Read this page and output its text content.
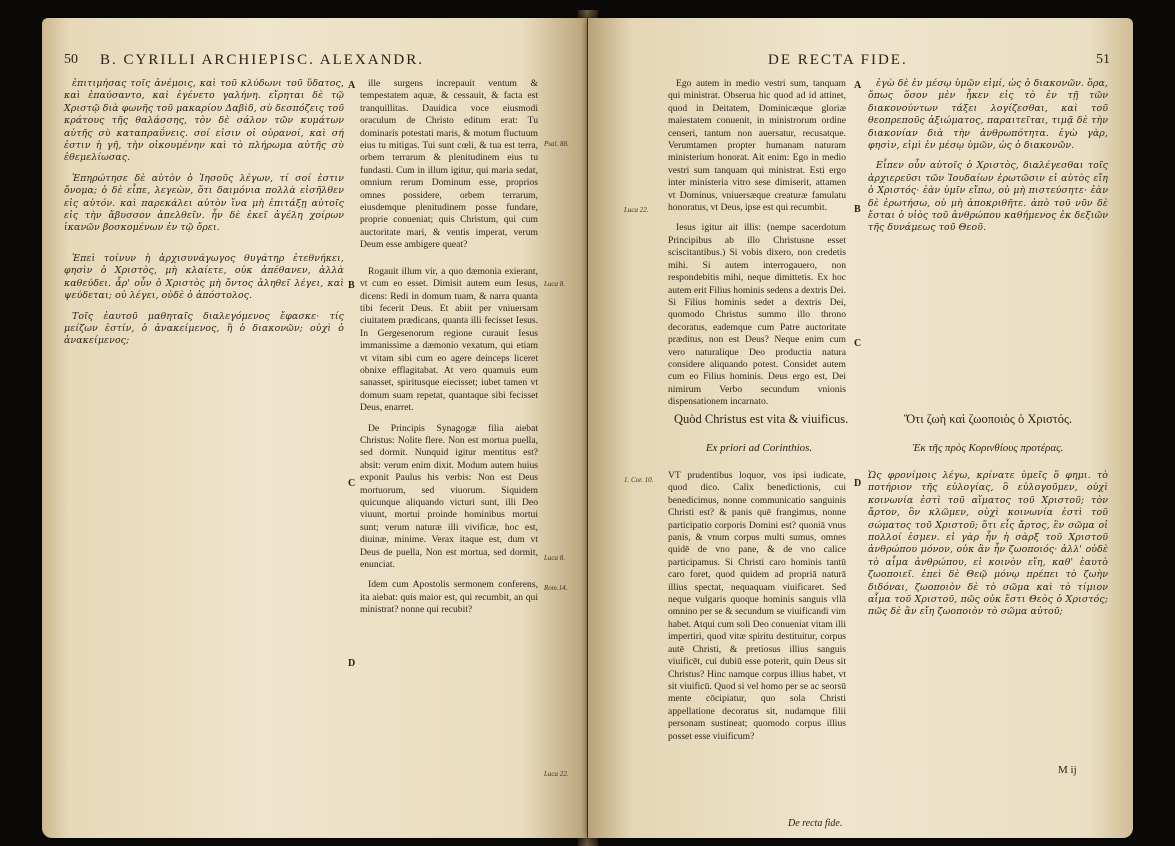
50 B. CYRILLI ARCHIEPISC. ALEXANDR.

ἐπιτιμήσας τοῖς ἀνέμοις, καὶ τοῦ κλύδωνι τοῦ ὕδατος, καὶ ἐπαύσαντο, καὶ ἐγένετο γαλήνη. εἴρηται δὲ τῷ Χριστῷ διὰ φωνῆς τοῦ μακαρίου Δαβὶδ, σὺ δεσπόζεις τοῦ κράτους τῆς θαλάσσης, τὸν δὲ σάλον τῶν κυμάτων αὐτῆς σὺ καταπραΰνεις. σοί εἰσιν οἱ οὐρανοί, καὶ σή ἐστιν ἡ γῆ, τὴν οἰκουμένην καὶ τὸ πλήρωμα αὐτῆς σὺ ἐθεμελίωσας.

Ἐπηρώτησε δὲ αὐτὸν ὁ Ἰησοῦς λέγων, τί σοί ἐστιν ὄνομα; ὁ δὲ εἶπε, λεγεὼν, ὅτι δαιμόνια πολλὰ εἰσῆλθεν εἰς αὐτόν. καὶ παρεκάλει αὐτὸν ἵνα μὴ ἐπιτάξῃ αὐτοῖς εἰς τὴν ἄβυσσον ἀπελθεῖν. ἦν δὲ ἐκεῖ ἀγέλη χοίρων ἱκανῶν βοσκομένων ἐν τῷ ὄρει.

Ἐπεὶ τοίνυν ἡ ἀρχισυνάγωγος θυγάτηρ ἐτεθνήκει, φησὶν ὁ Χριστὸς, μὴ κλαίετε, οὐκ ἀπέθανεν, ἀλλὰ καθεύδει. ἆρ' οὖν ὁ Χριστὸς μὴ ὄντος ἀληθεῖ λέγει, καὶ ψεύδεται; οὐ λέγει, οὐδὲ ὁ ἀπόστολος.

Τοῖς ἑαυτοῦ μαθηταῖς διαλεγόμενος ἔφασκε· τίς μείζων ἐστίν, ὁ ἀνακείμενος, ἢ ὁ διακονῶν; οὐχὶ ὁ ἀνακείμενος;

A
B
C
D

ille surgens increpauit ventum & tempestatem aquæ, & cessauit, & facta est tranquillitas. Dauidica voce eiusmodi oraculum de Christo editum erat: Tu dominaris potestati maris, & motum fluctuum eius tu mitigas. Tui sunt cœli, & tua est terra, orbem terrarum & plenitudinem eius tu fundasti. Cum in illum igitur, qui maria sedat, omnium rerum Dominum esse, proprios omnes possidere, orbem terrarum, eiusdemque plenitudinem posse fundare, proprie conueniat; quis Christum, qui cum auctoritate mari, & ventis imperat, verum Deum esse ambigere queat?

Rogauit illum vir, a quo dæmonia exierant, vt cum eo esset. Dimisit autem eum Iesus, dicens: Redi in domum tuam, & narra quanta tibi fecerit Deus. Et abiit per vniuersam ciuitatem prædicans, quanta illi fecisset Iesus. In Gergesenorum regione curauit Iesus immanissime a dæmonio vexatum, qui etiam vt vitam sibi cum eo agere deinceps liceret obnixe efflagitabat. At vero quamuis eum sanasset, spiritusque eiecisset; iubet tamen vt domum suam repetat, quantaque sibi fecisset Deus, enarret.

De Principis Synagogæ filia aiebat Christus: Nolite flere. Non est mortua puella, sed dormit. Nunquid igitur mentitus est? absit: verum enim dixit. Modum autem huius exponit Paulus his verbis: Non est Deus mortuorum, sed viuorum. Siquidem quicunque aliquando victuri sunt, illi Deo viuunt, mortui proinde hominibus mortui sunt; verum naturæ illi vivificæ, hoc est, diuinæ, minime. Verax itaque est, dum vt Deus de puella, Non est mortua, sed dormit, enunciat.

Idem cum Apostolis sermonem conferens, ita aiebat: quis maior est, qui recumbit, an qui ministrat? nonne qui recubit?

Psal. 88.
Luca 8.
Luca 8.
Rom.14.
Luca 22.
DE RECTA FIDE.	51

Ego autem in medio vestri sum, tanquam qui ministrat. Obserua hic quod ad id attinet, quod in Deitatem, Dominicæque gloriæ maiestatem conuenit, in ministrorum ordine censeri, tantum non auersatur, recusatque. Verumtamen propter humanam naturam ministerium honorat. Ait enim: Ego in medio vestri sum tanquam qui ministrat. Esti ergo inter ministeria vitro sese dimiserit, attamen vt Dominus, vniuersæque creaturæ famulatu honoratus, vt Deus, ipse est qui recumbit.

Iesus igitur ait illis: (nempe sacerdotum Principibus ab illo Christusne esset sciscitantibus.) Si vobis dixero, non credetis mihi. Si autem interrogauero, non respondebitis mihi, neque dimittetis. Ex hoc autem erit Filius hominis sedens a dextris Dei. Si Filius hominis sedet a dextris Dei, quomodo Christus summo illo throno decoratus, eademque cum Patre auctoritate præditus, non est Deus? Neque enim cum vero naturalique Deo productia natura considere aliquando potest. Considet autem cum eo Filius hominis. Deus ergo est, Dei nimirum Verbo secundum vnionis dispensationem incarnato.

A
B
C
D

ἐγὼ δὲ ἐν μέσῳ ὑμῶν εἰμί, ὡς ὁ διακονῶν. ὅρα, ὅπως ὅσον μὲν ἧκεν εἰς τὸ ἐν τῇ τῶν διακονούντων τάξει λογίζεσθαι, καὶ τοῦ θεοπρεποῦς ἀξιώματος, παραιτεῖται, τιμᾷ δὲ τὴν διακονίαν διὰ τὴν ἀνθρωπότητα. ἐγὼ γὰρ, φησὶν, εἰμὶ ἐν μέσῳ ὑμῶν, ὡς ὁ διακονῶν.

Εἶπεν οὖν αὐτοῖς ὁ Χριστὸς, διαλέγεσθαι τοῖς ἀρχιερεῦσι τῶν Ἰουδαίων ἐρωτῶσιν εἰ αὐτὸς εἴη ὁ Χριστός· ἐὰν ὑμῖν εἴπω, οὐ μὴ πιστεύσητε· ἐὰν δὲ ἐρωτήσω, οὐ μὴ ἀποκριθῆτε. ἀπὸ τοῦ νῦν δὲ ἔσται ὁ υἱὸς τοῦ ἀνθρώπου καθήμενος ἐκ δεξιῶν τῆς δυνάμεως τοῦ Θεοῦ.

Luca 22.
Quòd Christus est vita & viuificus.	Ὅτι ζωὴ καὶ ζωοποιὸς ὁ Χριστός.
Ex priori ad Corinthios.	Ἐκ τῆς πρὸς Κορινθίους προτέρας.
1. Cor. 10.	VT prudentibus loquor, vos ipsi iudicate, quod dico. Calix benedictionis, cui benedicimus, nonne communicatio sanguinis Christi est? & panis quē frangimus, nonne participatio corporis Domini est? quoniā vnus panis, & vnum corpus multi sumus, omnes quidē de vno pane, & de vno calice participamus. Si Christi caro hominis tantū caro foret, quod quidem ad propriā naturā illius spectat, nequaquam viuificaret. Sed neque vulgaris quoque hominis sanguis vllā omnino per se & secundum se viuificandi vim habet. Atqui cum soli Deo conueniat vitam illi impertiri, quod vitæ spiritu destituitur, corpus autē Christi, & pretiosus illius sanguis viuificēt, cui dubiū esse poterit, quin Deus sit Christus? Hinc namque corpus illius habet, vt sit viuificū. Quod si vel homo per se ac seorsū mente cōcipiatur, quo sola Christi appellatione decoratus sit, nudamque filii personam sustineat; quomodo corpus illius posset esse viuificum?

Ὡς φρονίμοις λέγω, κρίνατε ὑμεῖς ὅ φημι. τὸ ποτήριον τῆς εὐλογίας, ὃ εὐλογοῦμεν, οὐχὶ κοινωνία ἐστὶ τοῦ αἵματος τοῦ Χριστοῦ; τὸν ἄρτον, ὃν κλῶμεν, οὐχὶ κοινωνία ἐστὶ τοῦ σώματος τοῦ Χριστοῦ; ὅτι εἷς ἄρτος, ἓν σῶμα οἱ πολλοί ἐσμεν. εἰ γὰρ ἦν ἡ σὰρξ τοῦ Χριστοῦ ἀνθρώπου μόνον, οὐκ ἂν ἦν ζωοποιός· ἀλλ' οὐδὲ τὸ αἷμα ἀνθρώπου, εἰ κοινὸν εἴη, καθ' ἑαυτὸ ζωοποιεῖ. ἐπεὶ δὲ Θεῷ μόνῳ πρέπει τὸ ζωὴν διδόναι, ζωοποιὸν δὲ τὸ σῶμα καὶ τὸ τίμιον αἷμα τοῦ Χριστοῦ, πῶς οὐκ ἔστι Θεὸς ὁ Χριστός; πῶς δὲ ἂν εἴη ζωοποιὸν τὸ σῶμα αὐτοῦ;

De recta fide.
M ij
